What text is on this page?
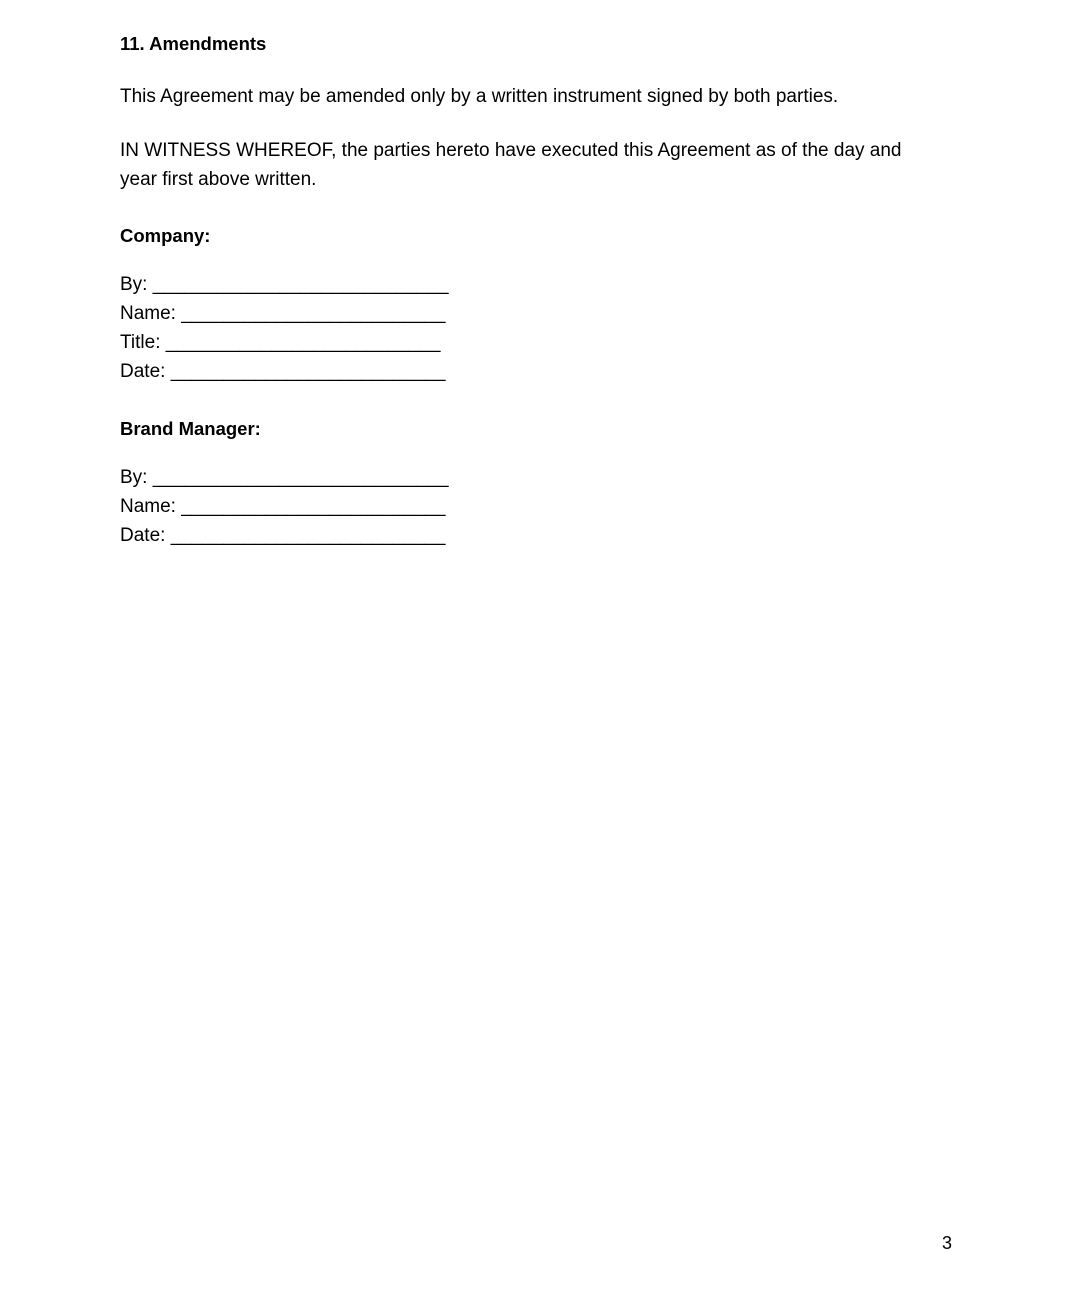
11. Amendments

This Agreement may be amended only by a written instrument signed by both parties.

IN WITNESS WHEREOF, the parties hereto have executed this Agreement as of the day and year first above written.

Company:
By: ____________________________
Name: _________________________
Title: __________________________
Date: __________________________
Brand Manager:
By: ____________________________
Name: _________________________
Date: __________________________
3
